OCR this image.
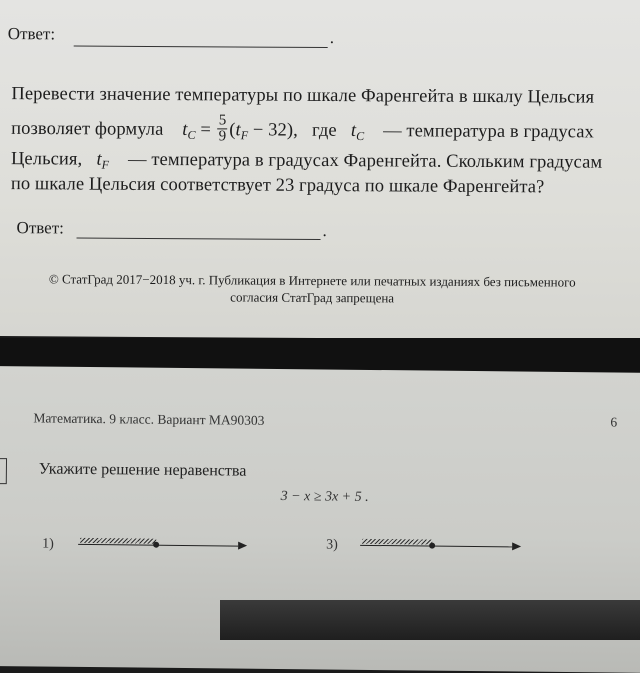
Ответ:	.
Перевести значение температуры по шкале Фаренгейта в шкалу Цельсия
позволяет формула $t_C = \frac{5}{9} (t_F - 32)$, где $t_C$ — температура в градусах
Цельсия, $t_F$ — температура в градусах Фаренгейта. Скольким градусам
по шкале Цельсия соответствует 23 градуса по шкале Фаренгейта?
Ответ:	.
© СтатГрад 2017−2018 уч. г. Публикация в Интернете или печатных изданиях без письменного
согласия СтатГрад запрещена
Математика. 9 класс. Вариант МА90303	6
Укажите решение неравенства
3 − x ≥ 3x + 5 .
1)	3)
